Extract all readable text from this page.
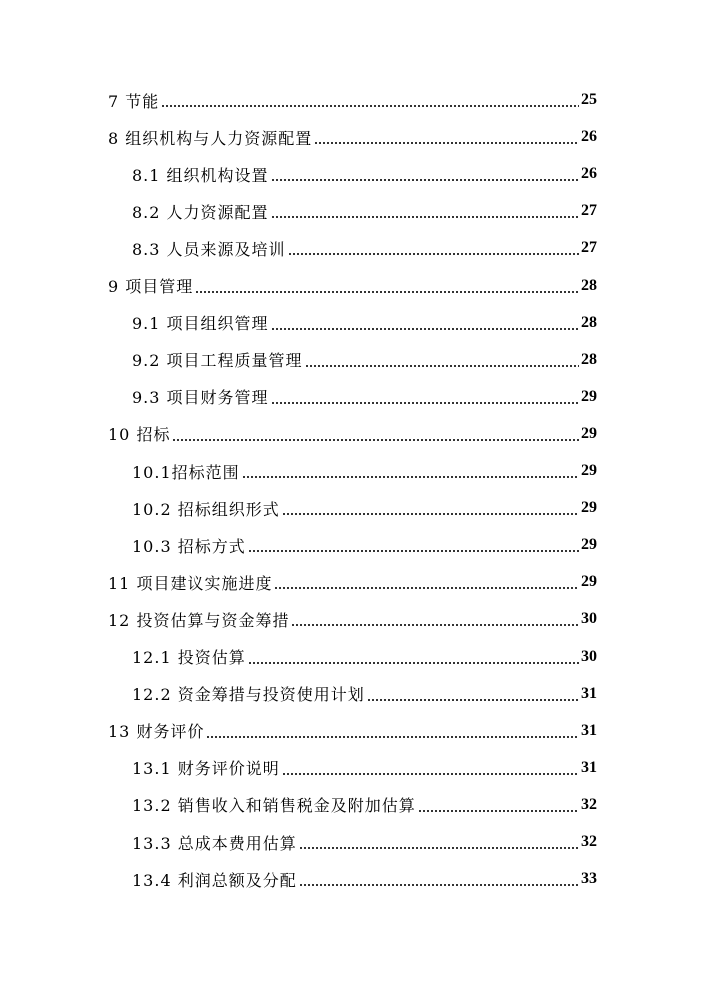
7 节能	25
8 组织机构与人力资源配置	26
8.1 组织机构设置	26
8.2 人力资源配置	27
8.3 人员来源及培训	27
9 项目管理	28
9.1 项目组织管理	28
9.2 项目工程质量管理	28
9.3 项目财务管理	29
10 招标	29
10.1招标范围	29
10.2 招标组织形式	29
10.3 招标方式	29
11 项目建议实施进度	29
12 投资估算与资金筹措	30
12.1 投资估算	30
12.2 资金筹措与投资使用计划	31
13 财务评价	31
13.1 财务评价说明	31
13.2 销售收入和销售税金及附加估算	32
13.3 总成本费用估算	32
13.4 利润总额及分配	33
